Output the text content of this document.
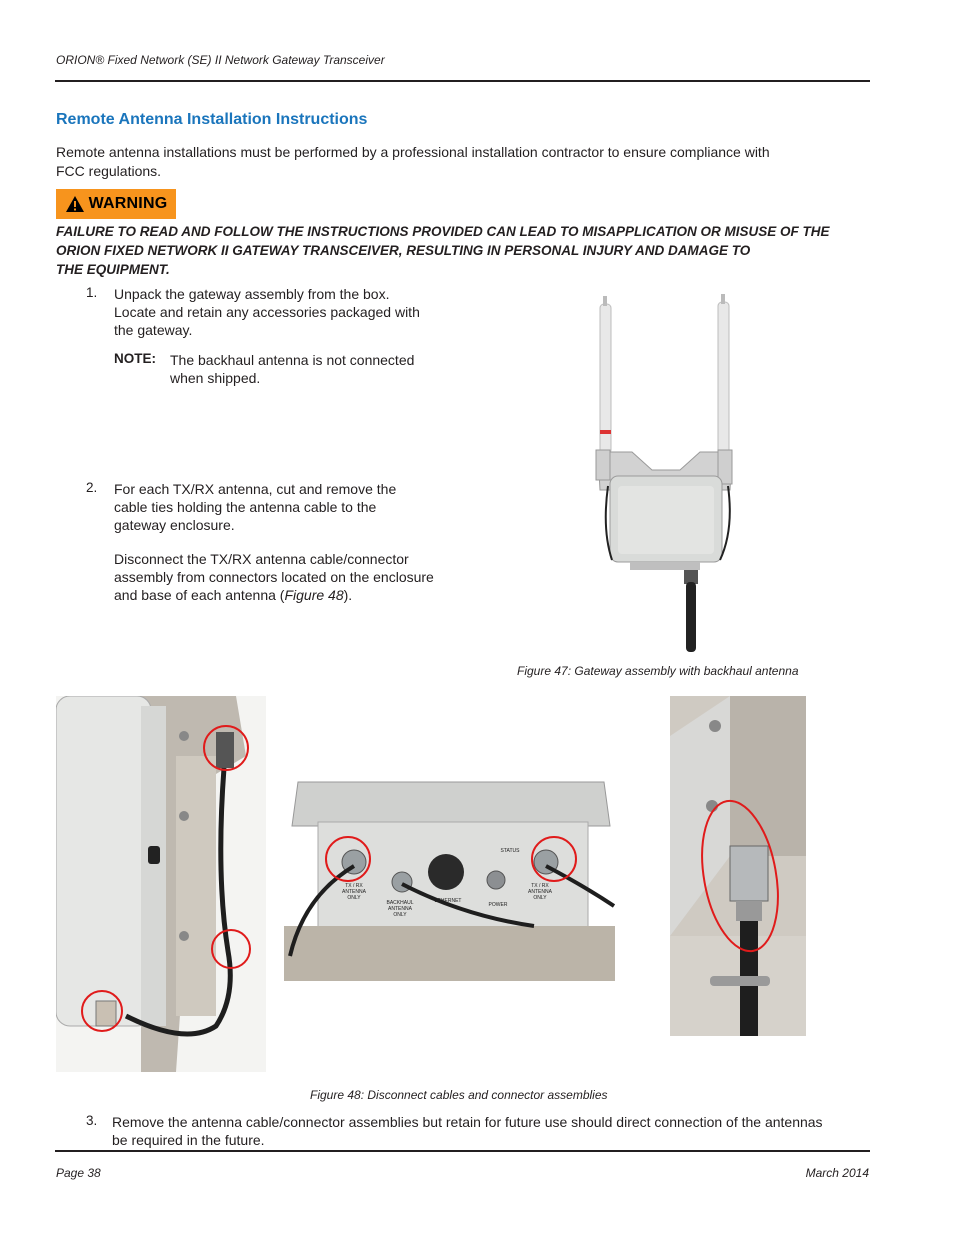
ORION® Fixed Network (SE) II Network Gateway Transceiver
Remote Antenna Installation Instructions
Remote antenna installations must be performed by a professional installation contractor to ensure compliance with
FCC regulations.
WARNING
FAILURE TO READ AND FOLLOW THE INSTRUCTIONS PROVIDED CAN LEAD TO MISAPPLICATION OR MISUSE OF THE
ORION FIXED NETWORK II GATEWAY TRANSCEIVER, RESULTING IN PERSONAL INJURY AND DAMAGE TO
THE EQUIPMENT.
1. Unpack the gateway assembly from the box.
Locate and retain any accessories packaged with
the gateway.
NOTE: The backhaul antenna is not connected
when shipped.
2. For each TX/RX antenna, cut and remove the
cable ties holding the antenna cable to the
gateway enclosure.
Disconnect the TX/RX antenna cable/connector
assembly from connectors located on the enclosure
and base of each antenna (Figure 48).
Figure 47: Gateway assembly with backhaul antenna
TX / RX
ANTENNA
ONLY
BACKHAUL
ANTENNA
ONLY
ETHERNET
POWER
STATUS
TX / RX
ANTENNA
ONLY
Figure 48: Disconnect cables and connector assemblies
3. Remove the antenna cable/connector assemblies but retain for future use should direct connection of the antennas
be required in the future.
Page 38	March 2014
